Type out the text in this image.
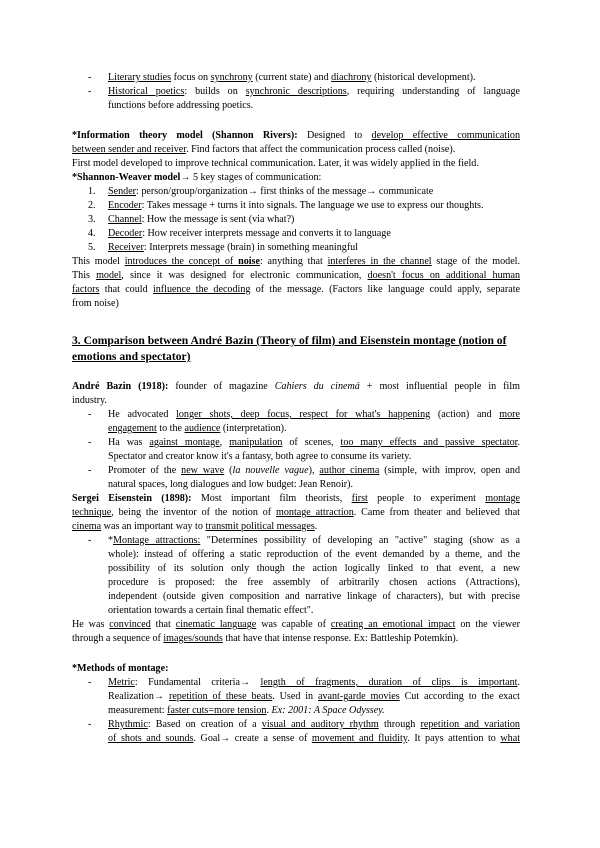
- Literary studies focus on synchrony (current state) and diachrony (historical development).
- Historical poetics: builds on synchronic descriptions, requiring understanding of language
functions before addressing poetics.
*Information theory model (Shannon Rivers): Designed to develop effective communication
between sender and receiver. Find factors that affect the communication process called (noise).
First model developed to improve technical communication. Later, it was widely applied in the field.
*Shannon-Weaver model→ 5 key stages of communication:
1. Sender: person/group/organization→ first thinks of the message→ communicate
2. Encoder: Takes message + turns it into signals. The language we use to express our thoughts.
3. Channel: How the message is sent (via what?)
4. Decoder: How receiver interprets message and converts it to language
5. Receiver: Interprets message (brain) in something meaningful
This model introduces the concept of noise: anything that interferes in the channel stage of the model.
This model, since it was designed for electronic communication, doesn't focus on additional human
factors that could influence the decoding of the message. (Factors like language could apply, separate
from noise)
3. Comparison between André Bazin (Theory of film) and Eisenstein montage (notion of
emotions and spectator)
André Bazin (1918): founder of magazine Cahiers du cinemá + most influential people in film
industry.
- He advocated longer shots, deep focus, respect for what's happening (action) and more
engagement to the audience (interpretation).
- Ha was against montage, manipulation of scenes, too many effects and passive spectator.
Spectator and creator know it's a fantasy, both agree to consume its variety.
- Promoter of the new wave (la nouvelle vague), author cinema (simple, with improv, open and
natural spaces, long dialogues and low budget: Jean Renoir).
Sergei Eisenstein (1898): Most important film theorists, first people to experiment montage
technique, being the inventor of the notion of montage attraction. Came from theater and believed that
cinema was an important way to transmit political messages.
- *Montage attractions: "Determines possibility of developing an "active" staging (show as a
whole): instead of offering a static reproduction of the event demanded by a theme, and the
possibility of its solution only though the action logically linked to that event, a new
procedure is proposed: the free assembly of arbitrarily chosen actions (Attractions),
independent (outside given composition and narrative linkage of characters), but with precise
orientation towards a certain final thematic effect".
He was convinced that cinematic language was capable of creating an emotional impact on the viewer
through a sequence of images/sounds that have that intense response. Ex: Battleship Potemkin).
*Methods of montage:
- Metric: Fundamental criteria→ length of fragments, duration of clips is important.
Realization→ repetition of these beats. Used in avant-garde movies Cut according to the exact
measurement: faster cuts=more tension. Ex: 2001: A Space Odyssey.
- Rhythmic: Based on creation of a visual and auditory rhythm through repetition and variation
of shots and sounds. Goal→ create a sense of movement and fluidity. It pays attention to what
